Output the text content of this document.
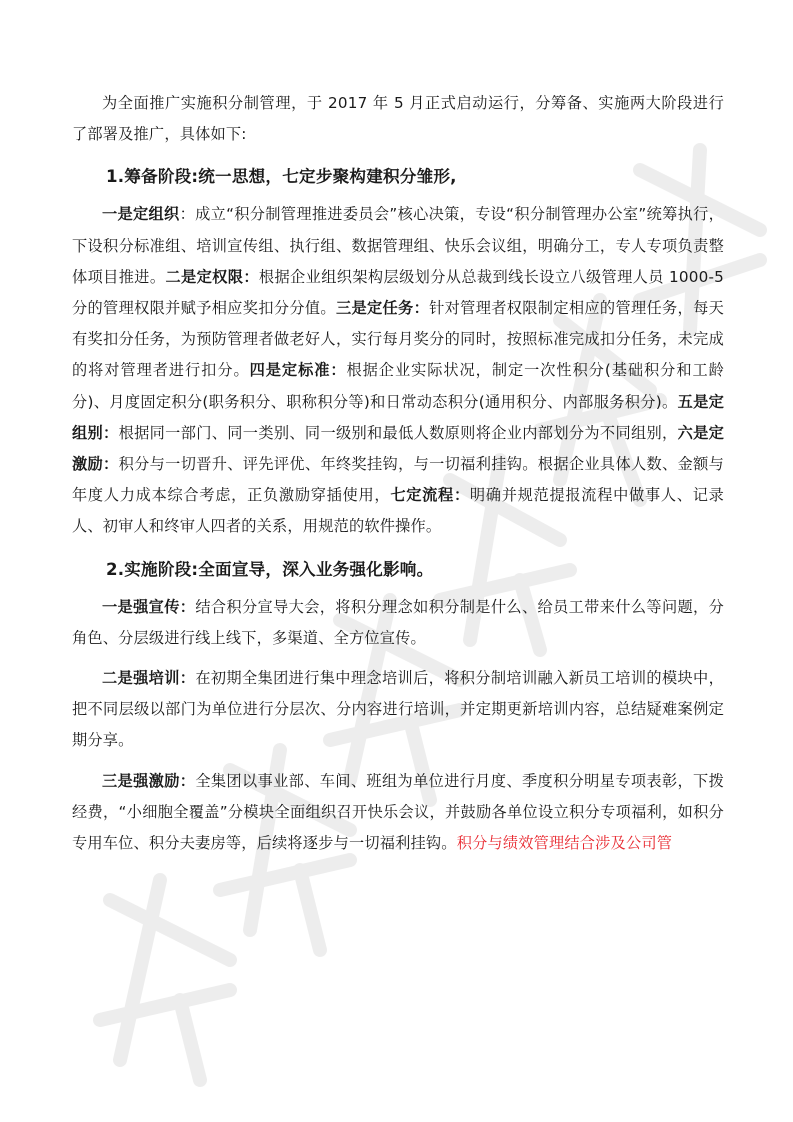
为全面推广实施积分制管理，于 2017 年 5 月正式启动运行，分筹备、实施两大阶段进行了部署及推广，具体如下:

1.筹备阶段:统一思想，七定步聚构建积分雏形,

一是定组织：成立“积分制管理推进委员会”核心决策，专设“积分制管理办公室”统筹执行，下设积分标准组、培训宣传组、执行组、数据管理组、快乐会议组，明确分工，专人专项负责整体项目推进。二是定权限：根据企业组织架构层级划分从总裁到线长设立八级管理人员 1000-5 分的管理权限并赋予相应奖扣分分值。三是定任务：针对管理者权限制定相应的管理任务，每天有奖扣分任务，为预防管理者做老好人，实行每月奖分的同时，按照标准完成扣分任务，未完成的将对管理者进行扣分。四是定标准：根据企业实际状况，制定一次性积分(基础积分和工龄分)、月度固定积分(职务积分、职称积分等)和日常动态积分(通用积分、内部服务积分)。五是定组别：根据同一部门、同一类别、同一级别和最低人数原则将企业内部划分为不同组别，六是定激励：积分与一切晋升、评先评优、年终奖挂钩，与一切福利挂钩。根据企业具体人数、金额与年度人力成本综合考虑，正负激励穿插使用，七定流程：明确并规范提报流程中做事人、记录人、初审人和终审人四者的关系，用规范的软件操作。

2.实施阶段:全面宣导，深入业务强化影响。

一是强宣传：结合积分宣导大会，将积分理念如积分制是什么、给员工带来什么等问题，分角色、分层级进行线上线下，多渠道、全方位宣传。

二是强培训：在初期全集团进行集中理念培训后，将积分制培训融入新员工培训的模块中，把不同层级以部门为单位进行分层次、分内容进行培训，并定期更新培训内容，总结疑难案例定期分享。

三是强激励：全集团以事业部、车间、班组为单位进行月度、季度积分明星专项表彰，下拨经费，“小细胞全覆盖”分模块全面组织召开快乐会议，并鼓励各单位设立积分专项福利，如积分专用车位、积分夫妻房等，后续将逐步与一切福利挂钩。积分与绩效管理结合涉及公司管
